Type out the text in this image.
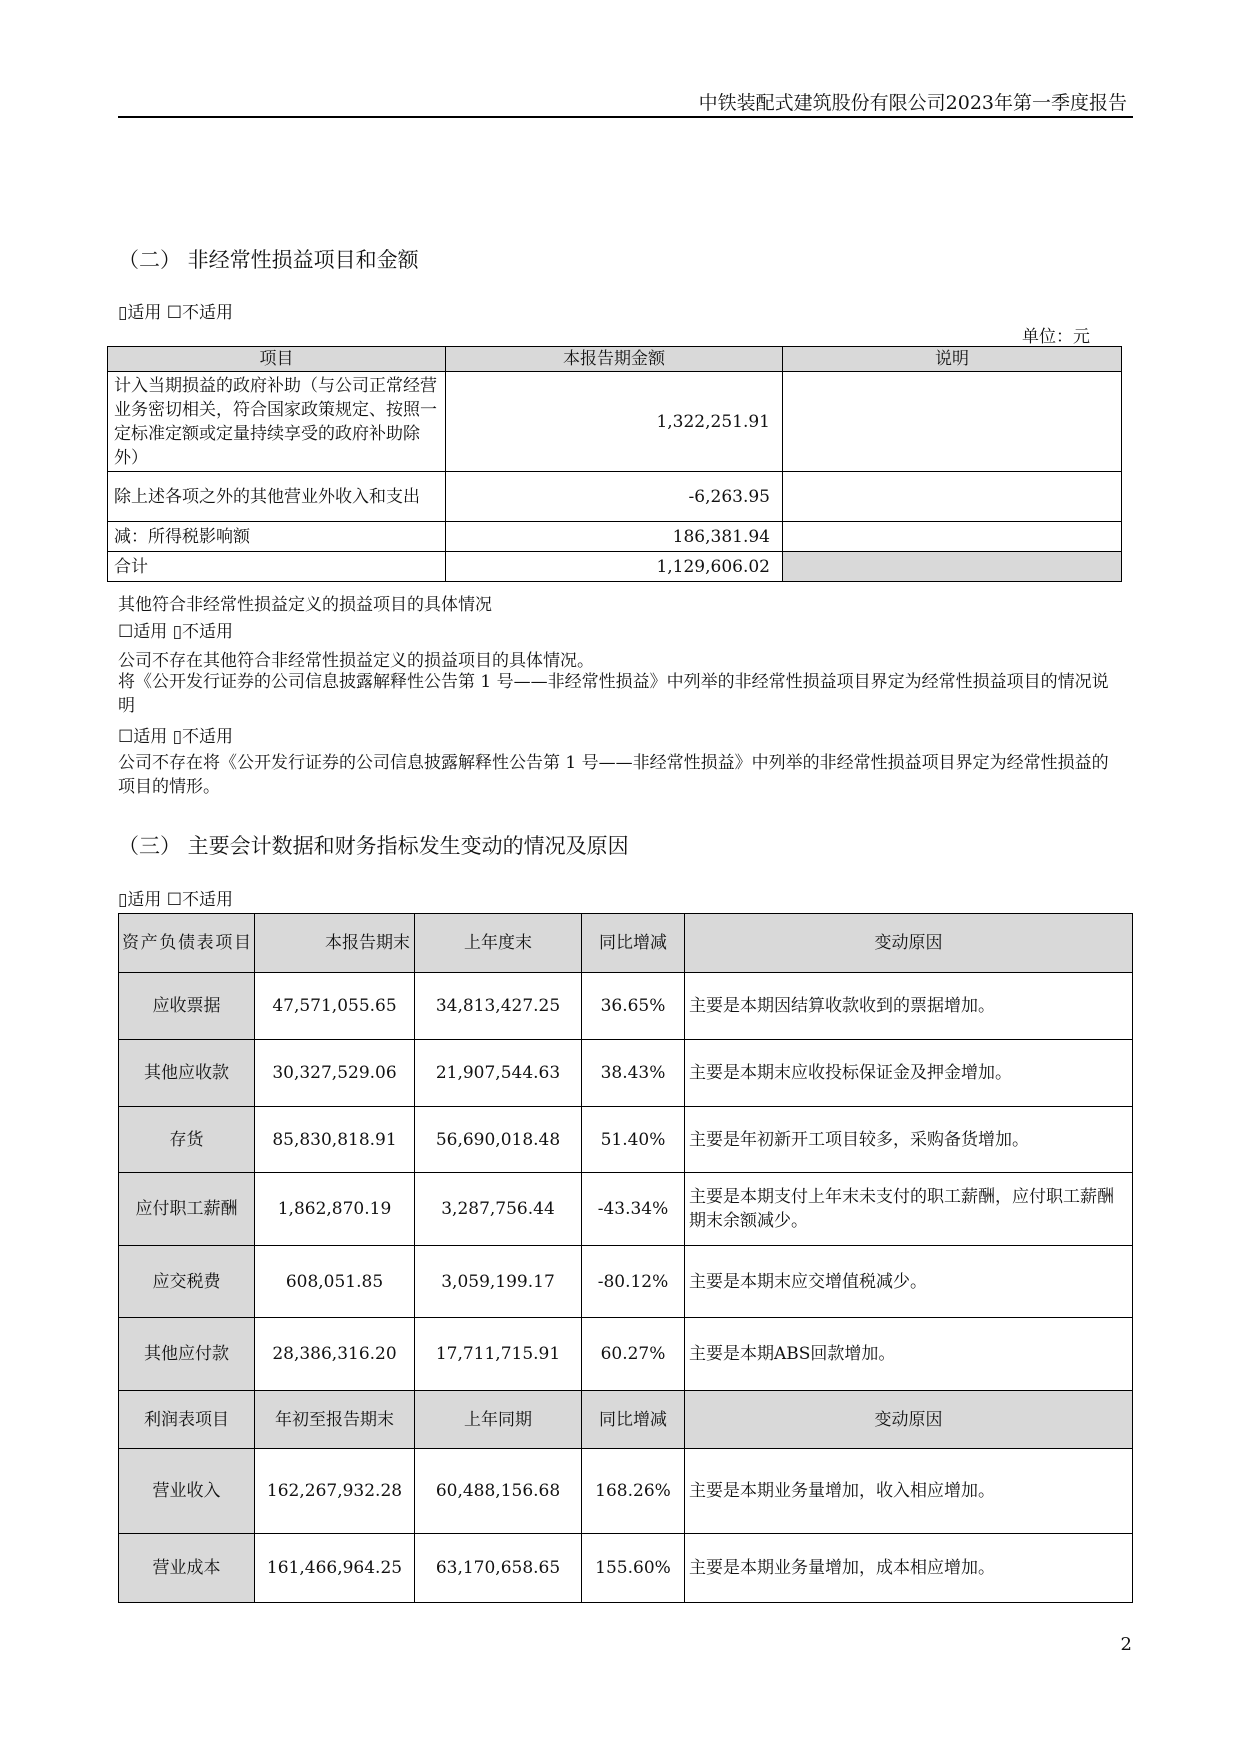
中铁装配式建筑股份有限公司2023年第一季度报告
（二） 非经常性损益项目和金额
▯适用 ☐不适用
单位：元
项目	本报告期金额	说明
计入当期损益的政府补助（与公司正常经营业务密切相关，符合国家政策规定、按照一定标准定额或定量持续享受的政府补助除外）	1,322,251.91	
除上述各项之外的其他营业外收入和支出	-6,263.95	
减：所得税影响额	186,381.94	
合计	1,129,606.02	
其他符合非经常性损益定义的损益项目的具体情况
☐适用 ▯不适用
公司不存在其他符合非经常性损益定义的损益项目的具体情况。
将《公开发行证券的公司信息披露解释性公告第 1 号——非经常性损益》中列举的非经常性损益项目界定为经常性损益项目的情况说明
☐适用 ▯不适用
公司不存在将《公开发行证券的公司信息披露解释性公告第 1 号——非经常性损益》中列举的非经常性损益项目界定为经常性损益的项目的情形。
（三） 主要会计数据和财务指标发生变动的情况及原因
▯适用 ☐不适用
资产负债表项目	本报告期末	上年度末	同比增减	变动原因
应收票据	47,571,055.65	34,813,427.25	36.65%	主要是本期因结算收款收到的票据增加。
其他应收款	30,327,529.06	21,907,544.63	38.43%	主要是本期末应收投标保证金及押金增加。
存货	85,830,818.91	56,690,018.48	51.40%	主要是年初新开工项目较多，采购备货增加。
应付职工薪酬	1,862,870.19	3,287,756.44	-43.34%	主要是本期支付上年末未支付的职工薪酬，应付职工薪酬期末余额减少。
应交税费	608,051.85	3,059,199.17	-80.12%	主要是本期末应交增值税减少。
其他应付款	28,386,316.20	17,711,715.91	60.27%	主要是本期ABS回款增加。
利润表项目	年初至报告期末	上年同期	同比增减	变动原因
营业收入	162,267,932.28	60,488,156.68	168.26%	主要是本期业务量增加，收入相应增加。
营业成本	161,466,964.25	63,170,658.65	155.60%	主要是本期业务量增加，成本相应增加。
2
